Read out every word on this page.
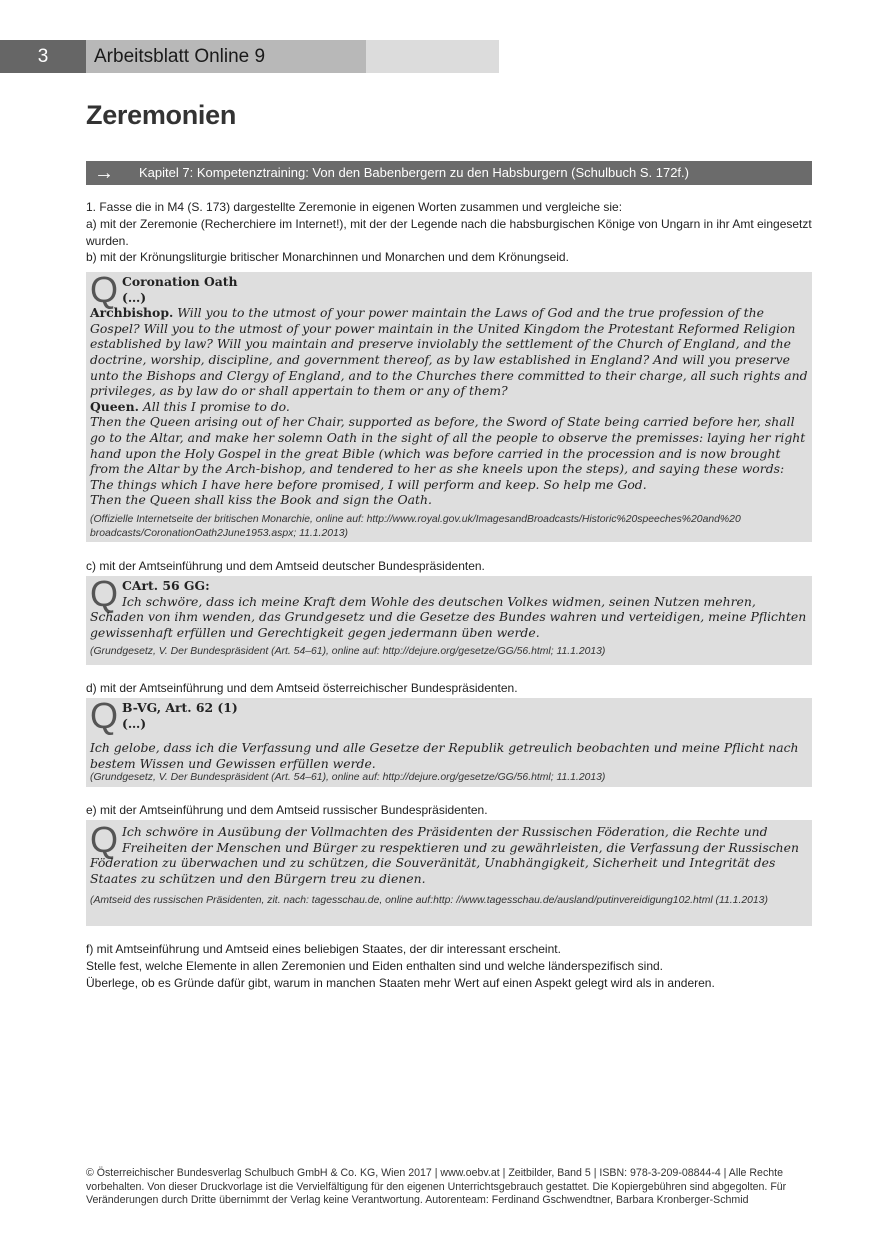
3	Arbeitsblatt Online 9
Zeremonien
→ Kapitel 7: Kompetenztraining: Von den Babenbergern zu den Habsburgern (Schulbuch S. 172f.)

1. Fasse die in M4 (S. 173) dargestellte Zeremonie in eigenen Worten zusammen und vergleiche sie:

a) mit der Zeremonie (Recherchiere im Internet!), mit der der Legende nach die habsburgischen Könige von Ungarn in ihr Amt eingesetzt wurden.

b) mit der Krönungsliturgie britischer Monarchinnen und Monarchen und dem Krönungseid.

Q Coronation Oath
(…)

Archbishop. Will you to the utmost of your power maintain the Laws of God and the true profession of the Gospel? Will you to the utmost of your power maintain in the United Kingdom the Protestant Reformed Religion established by law? Will you maintain and preserve inviolably the settlement of the Church of England, and the doctrine, worship, discipline, and government thereof, as by law established in England? And will you preserve unto the Bishops and Clergy of England, and to the Churches there committed to their charge, all such rights and privileges, as by law do or shall appertain to them or any of them?

Queen. All this I promise to do.

Then the Queen arising out of her Chair, supported as before, the Sword of State being carried before her, shall go to the Altar, and make her solemn Oath in the sight of all the people to observe the premisses: laying her right hand upon the Holy Gospel in the great Bible (which was before carried in the procession and is now brought from the Altar by the Arch-bishop, and tendered to her as she kneels upon the steps), and saying these words:

The things which I have here before promised, I will perform and keep. So help me God.

Then the Queen shall kiss the Book and sign the Oath.

(Offizielle Internetseite der britischen Monarchie, online auf: http://www.royal.gov.uk/ImagesandBroadcasts/Historic%20speeches%20and%20 broadcasts/CoronationOath2June1953.aspx; 11.1.2013)

c) mit der Amtseinführung und dem Amtseid deutscher Bundespräsidenten.
Q CArt. 56 GG:

Ich schwöre, dass ich meine Kraft dem Wohle des deutschen Volkes widmen, seinen Nutzen mehren, Schaden von ihm wenden, das Grundgesetz und die Gesetze des Bundes wahren und verteidigen, meine Pflichten gewissenhaft erfüllen und Gerechtigkeit gegen jedermann üben werde.

(Grundgesetz, V. Der Bundespräsident (Art. 54–61), online auf: http://dejure.org/gesetze/GG/56.html; 11.1.2013)

d) mit der Amtseinführung und dem Amtseid österreichischer Bundespräsidenten.
Q B-VG, Art. 62 (1)
(…)

Ich gelobe, dass ich die Verfassung und alle Gesetze der Republik getreulich beobachten und meine Pflicht nach bestem Wissen und Gewissen erfüllen werde.

(Grundgesetz, V. Der Bundespräsident (Art. 54–61), online auf: http://dejure.org/gesetze/GG/56.html; 11.1.2013)

e) mit der Amtseinführung und dem Amtseid russischer Bundespräsidenten.
Q Ich schwöre in Ausübung der Vollmachten des Präsidenten der Russischen Föderation, die Rechte und Freiheiten der Menschen und Bürger zu respektieren und zu gewährleisten, die Verfassung der Russischen Föderation zu überwachen und zu schützen, die Souveränität, Unabhängigkeit, Sicherheit und Integrität des Staates zu schützen und den Bürgern treu zu dienen.

(Amtseid des russischen Präsidenten, zit. nach: tagesschau.de, online auf:http: //www.tagesschau.de/ausland/putinvereidigung102.html (11.1.2013)

f) mit Amtseinführung und Amtseid eines beliebigen Staates, der dir interessant erscheint.

Stelle fest, welche Elemente in allen Zeremonien und Eiden enthalten sind und welche länderspezifisch sind.

Überlege, ob es Gründe dafür gibt, warum in manchen Staaten mehr Wert auf einen Aspekt gelegt wird als in anderen.

© Österreichischer Bundesverlag Schulbuch GmbH & Co. KG, Wien 2017 | www.oebv.at | Zeitbilder, Band 5 | ISBN: 978-3-209-08844-4 | Alle Rechte vorbehalten. Von dieser Druckvorlage ist die Vervielfältigung für den eigenen Unterrichtsgebrauch gestattet. Die Kopiergebühren sind abgegolten. Für Veränderungen durch Dritte übernimmt der Verlag keine Verantwortung. Autorenteam: Ferdinand Gschwendtner, Barbara Kronberger-Schmid
